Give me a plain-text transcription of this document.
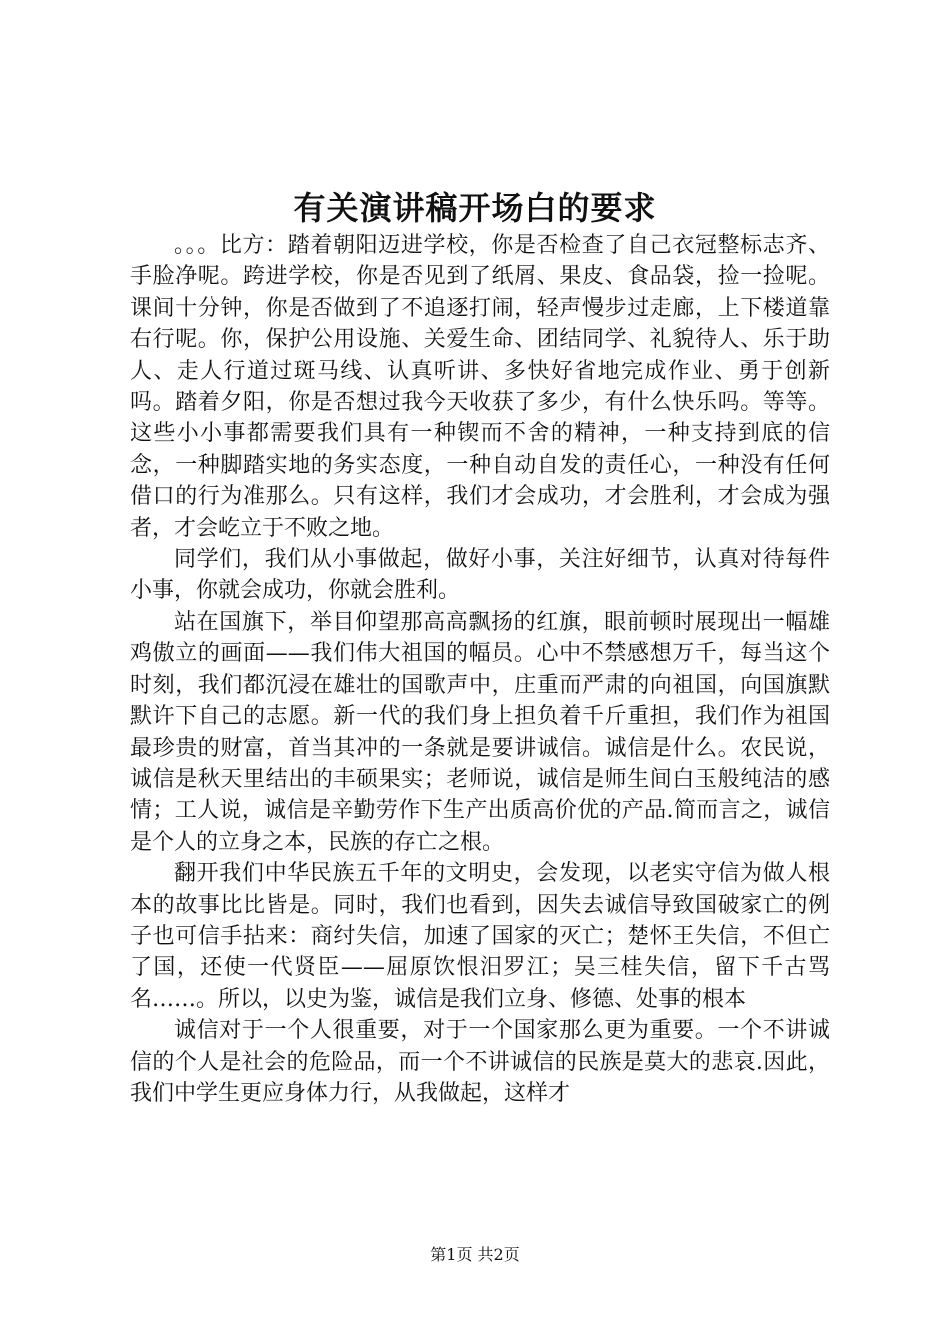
有关演讲稿开场白的要求

。。。比方：踏着朝阳迈进学校，你是否检查了自己衣冠整标志齐、手脸净呢。跨进学校，你是否见到了纸屑、果皮、食品袋，捡一捡呢。课间十分钟，你是否做到了不追逐打闹，轻声慢步过走廊，上下楼道靠右行呢。你，保护公用设施、关爱生命、团结同学、礼貌待人、乐于助人、走人行道过斑马线、认真听讲、多快好省地完成作业、勇于创新吗。踏着夕阳，你是否想过我今天收获了多少，有什么快乐吗。等等。这些小小事都需要我们具有一种锲而不舍的精神，一种支持到底的信念，一种脚踏实地的务实态度，一种自动自发的责任心，一种没有任何借口的行为准那么。只有这样，我们才会成功，才会胜利，才会成为强者，才会屹立于不败之地。

同学们，我们从小事做起，做好小事，关注好细节，认真对待每件小事，你就会成功，你就会胜利。

站在国旗下，举目仰望那高高飘扬的红旗，眼前顿时展现出一幅雄鸡傲立的画面——我们伟大祖国的幅员。心中不禁感想万千，每当这个时刻，我们都沉浸在雄壮的国歌声中，庄重而严肃的向祖国，向国旗默默许下自己的志愿。新一代的我们身上担负着千斤重担，我们作为祖国最珍贵的财富，首当其冲的一条就是要讲诚信。诚信是什么。农民说，诚信是秋天里结出的丰硕果实；老师说，诚信是师生间白玉般纯洁的感情；工人说，诚信是辛勤劳作下生产出质高价优的产品.简而言之，诚信是个人的立身之本，民族的存亡之根。

翻开我们中华民族五千年的文明史，会发现，以老实守信为做人根本的故事比比皆是。同时，我们也看到，因失去诚信导致国破家亡的例子也可信手拈来：商纣失信，加速了国家的灭亡；楚怀王失信，不但亡了国，还使一代贤臣——屈原饮恨汨罗江；吴三桂失信，留下千古骂名……。所以，以史为鉴，诚信是我们立身、修德、处事的根本

诚信对于一个人很重要，对于一个国家那么更为重要。一个不讲诚信的个人是社会的危险品，而一个不讲诚信的民族是莫大的悲哀.因此，我们中学生更应身体力行，从我做起，这样才

第1页 共2页
